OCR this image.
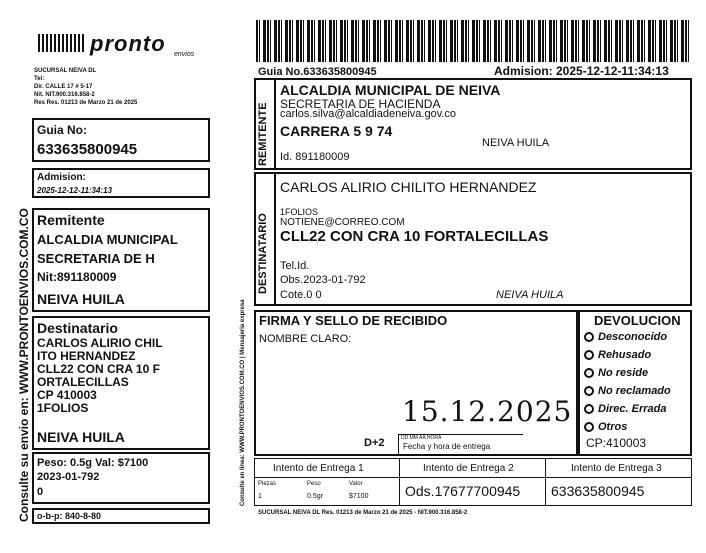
pronto envios
SUCURSAL NEIVA DL
Tel:
Dir. CALLE 17 # 5-17
Nit. NIT.900.316.858-2
Res Res. 01213 de Marzo 21 de 2025
Guia No:
633635800945
Admision:
2025-12-12-11:34:13
Remitente
ALCALDIA MUNICIPAL
SECRETARIA DE H
Nit:891180009
NEIVA HUILA
Destinatario
CARLOS ALIRIO CHIL
ITO HERNANDEZ
CLL22 CON CRA 10 F
ORTALECILLAS
CP 410003
1FOLIOS
NEIVA HUILA
Peso: 0.5g Val: $7100
2023-01-792
0
o-b-p: 840-8-80
Consulte su envio en: WWW.PRONTOENVIOS.COM.CO
Guia No.633635800945	Admision: 2025-12-12-11:34:13
REMITENTE
ALCALDIA MUNICIPAL DE NEIVA
SECRETARIA DE HACIENDA
carlos.silva@alcaldiadeneiva.gov.co
CARRERA 5 9 74
NEIVA HUILA
Id. 891180009
DESTINATARIO
CARLOS ALIRIO CHILITO HERNANDEZ
1FOLIOS
NOTIENE@CORREO.COM
CLL22 CON CRA 10 FORTALECILLAS
Tel.Id.
Obs.2023-01-792
Cote.0 0	NEIVA HUILA
FIRMA Y SELLO DE RECIBIDO
NOMBRE CLARO:
15.12.2025
D+2	DD MM AA HORA
Fecha y hora de entrega
DEVOLUCION
Desconocido
Rehusado
No reside
No reclamado
Direc. Errada
Otros
CP:410003
Intento de Entrega 1	Intento de Entrega 2	Intento de Entrega 3
Piezas	Peso	Valor
1	0.5gr	$7100	Ods.17677700945 633635800945
SUCURSAL NEIVA DL Res. 01213 de Marzo 21 de 2025 - NIT.900.316.858-2
Consulte en linea: WWW.PRONTOENVIOS.COM.CO | Mensajeria expresa
